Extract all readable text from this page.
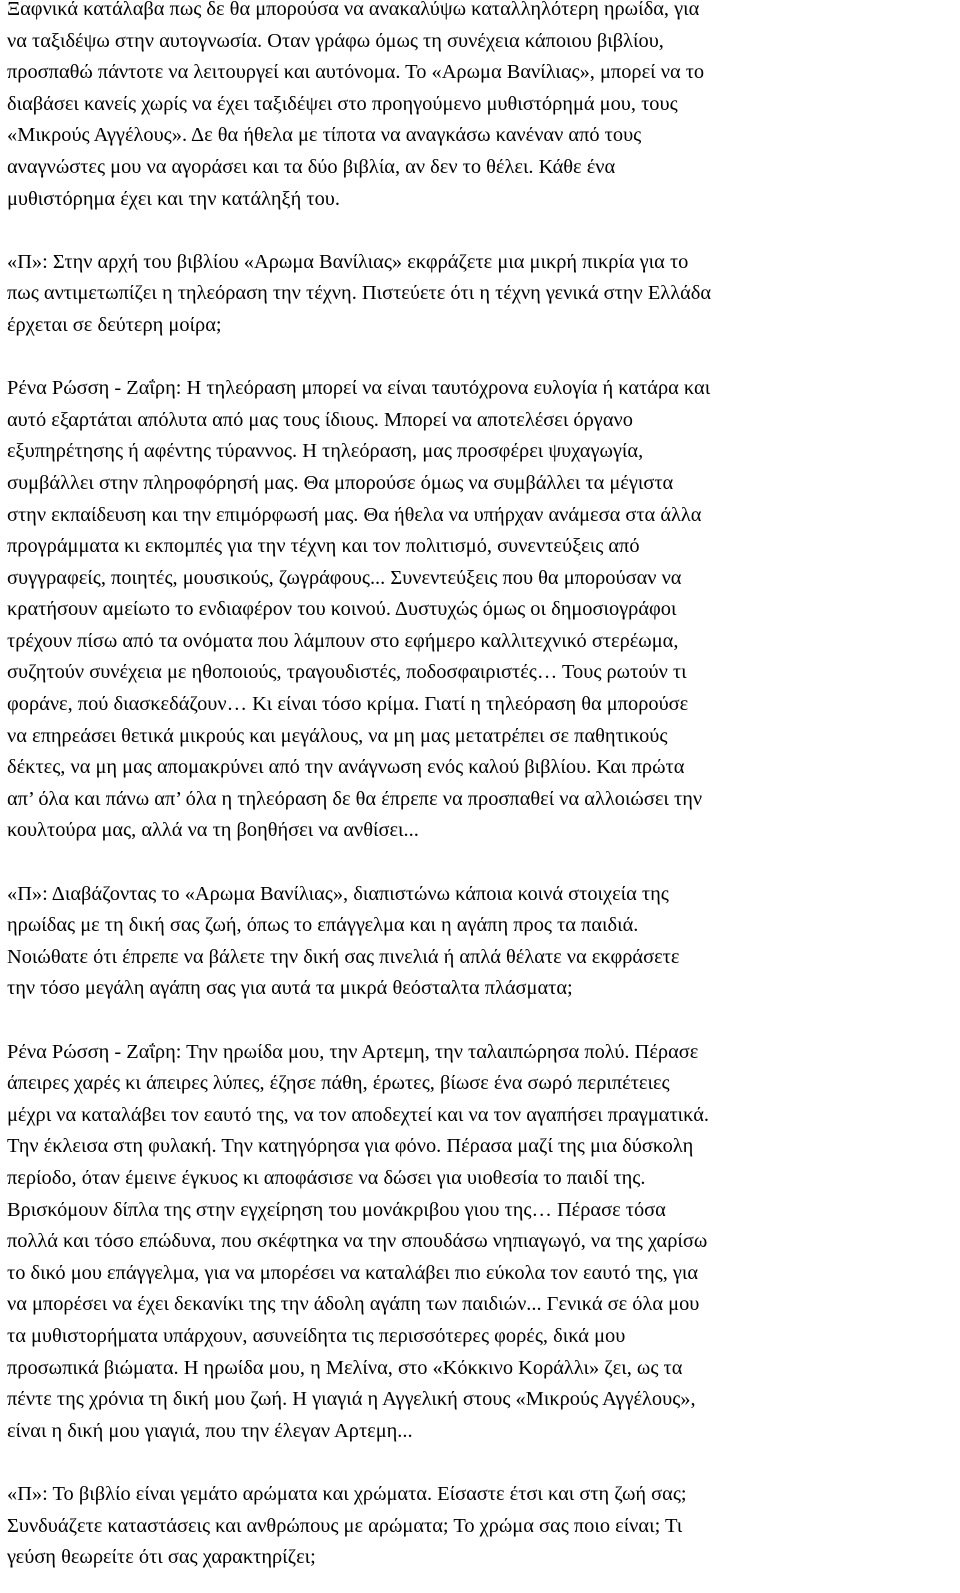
Ξαφνικά κατάλαβα πως δε θα μπορούσα να ανακαλύψω καταλληλότερη ηρωίδα, για
να ταξιδέψω στην αυτογνωσία. Οταν γράφω όμως τη συνέχεια κάποιου βιβλίου,
προσπαθώ πάντοτε να λειτουργεί και αυτόνομα. Το «Αρωμα Βανίλιας», μπορεί να το
διαβάσει κανείς χωρίς να έχει ταξιδέψει στο προηγούμενο μυθιστόρημά μου, τους
«Μικρούς Αγγέλους». Δε θα ήθελα με τίποτα να αναγκάσω κανέναν από τους
αναγνώστες μου να αγοράσει και τα δύο βιβλία, αν δεν το θέλει. Κάθε ένα
μυθιστόρημα έχει και την κατάληξή του.
«Π»: Στην αρχή του βιβλίου «Αρωμα Βανίλιας» εκφράζετε μια μικρή πικρία για το
πως αντιμετωπίζει η τηλεόραση την τέχνη. Πιστεύετε ότι η τέχνη γενικά στην Ελλάδα
έρχεται σε δεύτερη μοίρα;
Ρένα Ρώσση - Ζαΐρη: Η τηλεόραση μπορεί να είναι ταυτόχρονα ευλογία ή κατάρα και
αυτό εξαρτάται απόλυτα από μας τους ίδιους. Μπορεί να αποτελέσει όργανο
εξυπηρέτησης ή αφέντης τύραννος. Η τηλεόραση, μας προσφέρει ψυχαγωγία,
συμβάλλει στην πληροφόρησή μας. Θα μπορούσε όμως να συμβάλλει τα μέγιστα
στην εκπαίδευση και την επιμόρφωσή μας. Θα ήθελα να υπήρχαν ανάμεσα στα άλλα
προγράμματα κι εκπομπές για την τέχνη και τον πολιτισμό, συνεντεύξεις από
συγγραφείς, ποιητές, μουσικούς, ζωγράφους... Συνεντεύξεις που θα μπορούσαν να
κρατήσουν αμείωτο το ενδιαφέρον του κοινού. Δυστυχώς όμως οι δημοσιογράφοι
τρέχουν πίσω από τα ονόματα που λάμπουν στο εφήμερο καλλιτεχνικό στερέωμα,
συζητούν συνέχεια με ηθοποιούς, τραγουδιστές, ποδοσφαιριστές… Τους ρωτούν τι
φοράνε, πού διασκεδάζουν… Κι είναι τόσο κρίμα. Γιατί η τηλεόραση θα μπορούσε
να επηρεάσει θετικά μικρούς και μεγάλους, να μη μας μετατρέπει σε παθητικούς
δέκτες, να μη μας απομακρύνει από την ανάγνωση ενός καλού βιβλίου. Και πρώτα
απ’ όλα και πάνω απ’ όλα η τηλεόραση δε θα έπρεπε να προσπαθεί να αλλοιώσει την
κουλτούρα μας, αλλά να τη βοηθήσει να ανθίσει...
«Π»: Διαβάζοντας το «Αρωμα Βανίλιας», διαπιστώνω κάποια κοινά στοιχεία της
ηρωίδας με τη δική σας ζωή, όπως το επάγγελμα και η αγάπη προς τα παιδιά.
Νοιώθατε ότι έπρεπε να βάλετε την δική σας πινελιά ή απλά θέλατε να εκφράσετε
την τόσο μεγάλη αγάπη σας για αυτά τα μικρά θεόσταλτα πλάσματα;
Ρένα Ρώσση - Ζαΐρη: Την ηρωίδα μου, την Αρτεμη, την ταλαιπώρησα πολύ. Πέρασε
άπειρες χαρές κι άπειρες λύπες, έζησε πάθη, έρωτες, βίωσε ένα σωρό περιπέτειες
μέχρι να καταλάβει τον εαυτό της, να τον αποδεχτεί και να τον αγαπήσει πραγματικά.
Την έκλεισα στη φυλακή. Την κατηγόρησα για φόνο. Πέρασα μαζί της μια δύσκολη
περίοδο, όταν έμεινε έγκυος κι αποφάσισε να δώσει για υιοθεσία το παιδί της.
Βρισκόμουν δίπλα της στην εγχείρηση του μονάκριβου γιου της… Πέρασε τόσα
πολλά και τόσο επώδυνα, που σκέφτηκα να την σπουδάσω νηπιαγωγό, να της χαρίσω
το δικό μου επάγγελμα, για να μπορέσει να καταλάβει πιο εύκολα τον εαυτό της, για
να μπορέσει να έχει δεκανίκι της την άδολη αγάπη των παιδιών... Γενικά σε όλα μου
τα μυθιστορήματα υπάρχουν, ασυνείδητα τις περισσότερες φορές, δικά μου
προσωπικά βιώματα. Η ηρωίδα μου, η Μελίνα, στο «Κόκκινο Κοράλλι» ζει, ως τα
πέντε της χρόνια τη δική μου ζωή. Η γιαγιά η Αγγελική στους «Μικρούς Αγγέλους»,
είναι η δική μου γιαγιά, που την έλεγαν Αρτεμη...
«Π»: Το βιβλίο είναι γεμάτο αρώματα και χρώματα. Είσαστε έτσι και στη ζωή σας;
Συνδυάζετε καταστάσεις και ανθρώπους με αρώματα; Το χρώμα σας ποιο είναι; Τι
γεύση θεωρείτε ότι σας χαρακτηρίζει;
